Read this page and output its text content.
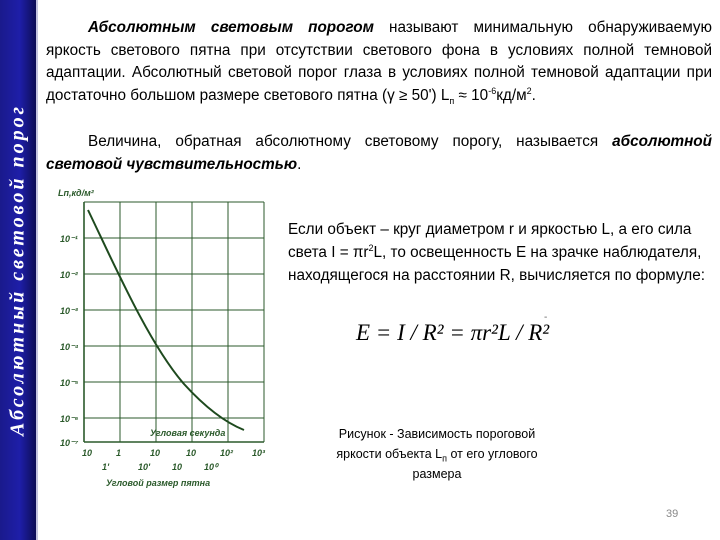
Абсолютный световой порог

Абсолютным световым порогом называют минимальную обнаруживаемую яркость светового пятна при отсутствии светового фона в условиях полной темновой адаптации. Абсолютный световой порог глаза в условиях полной темновой адаптации при достаточно большом размере светового пятна (γ ≥ 50') $L_п \approx 10^{-6}кд/м^2$.

Величина, обратная абсолютному световому порогу, называется абсолютной световой чувствительностью.

Lп,кд/м²
10⁻¹
10⁻²
10⁻³
10⁻⁴
10⁻⁵
10⁻⁶
10⁻⁷
Угловая секунда
10	1	10	10	10² 10³
1'	10' 10 10⁰
Угловой размер пятна

Если объект – круг диаметром r и яркостью L, а его сила света $I = \pi r^2L$, то освещенность E на зрачке наблюдателя, находящегося на расстоянии R, вычисляется по формуле:

E = I / R² = πr²L / R²
-
Рисунок - Зависимость пороговой
яркости объекта $L_п$ от его углового
размера
39
